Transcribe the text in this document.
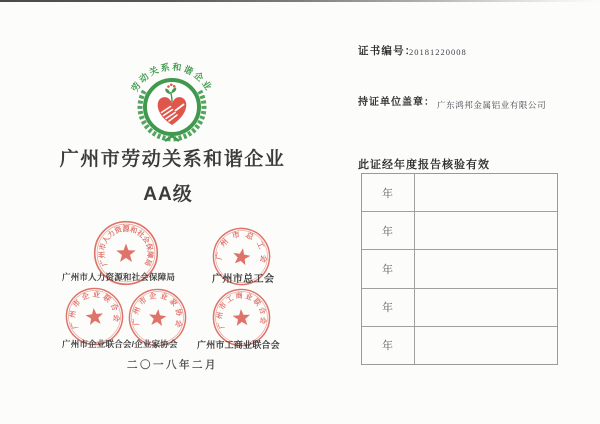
劳动关系和谐企业
广州市劳动关系和谐企业
AA级
广州市人力资源和社会保障局
广州市总工会
广州市企业联合会 广州市企业家协会	广州市工商业联合会
广州市人力资源和社会保障局	广州市总工会
广州市企业联合会/企业家协会 广州市工商业联合会
二〇一八年二月
证书编号：
20181220008
持证单位盖章： 广东鸿邦金属铝业有限公司
此证经年度报告核验有效
年
年
年
年
年
